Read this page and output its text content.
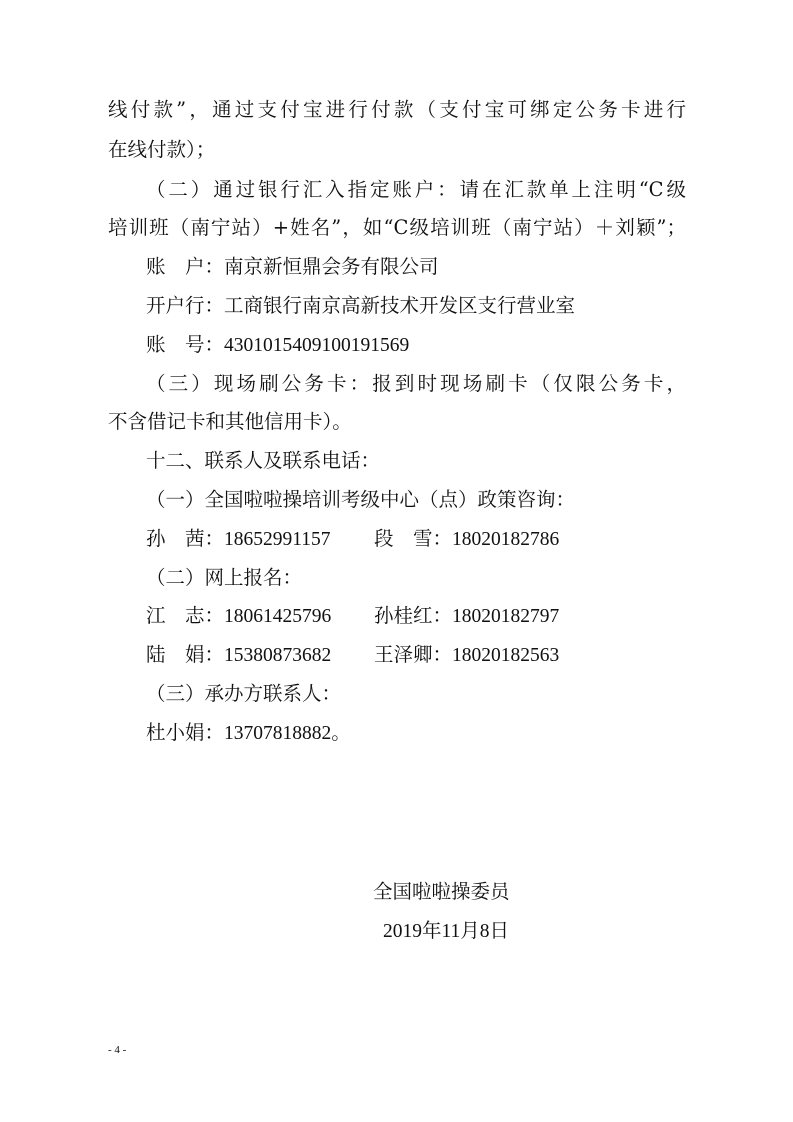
线付款”，通过支付宝进行付款（支付宝可绑定公务卡进行
在线付款）；
（二）通过银行汇入指定账户：请在汇款单上注明“C级
培训班（南宁站）+姓名”，如“C级培训班（南宁站）＋刘颖”；
账　户：南京新恒鼎会务有限公司
开户行：工商银行南京高新技术开发区支行营业室
账　号：4301015409100191569
（三）现场刷公务卡：报到时现场刷卡（仅限公务卡，
不含借记卡和其他信用卡）。
十二、联系人及联系电话：
（一）全国啦啦操培训考级中心（点）政策咨询：
孙　茜：18652991157 段　雪：18020182786
（二）网上报名：
江　志：18061425796 孙桂红：18020182797
陆　娟：15380873682 王泽卿：18020182563
（三）承办方联系人：
杜小娟：13707818882。
全国啦啦操委员
2019年11月8日
- 4 -
